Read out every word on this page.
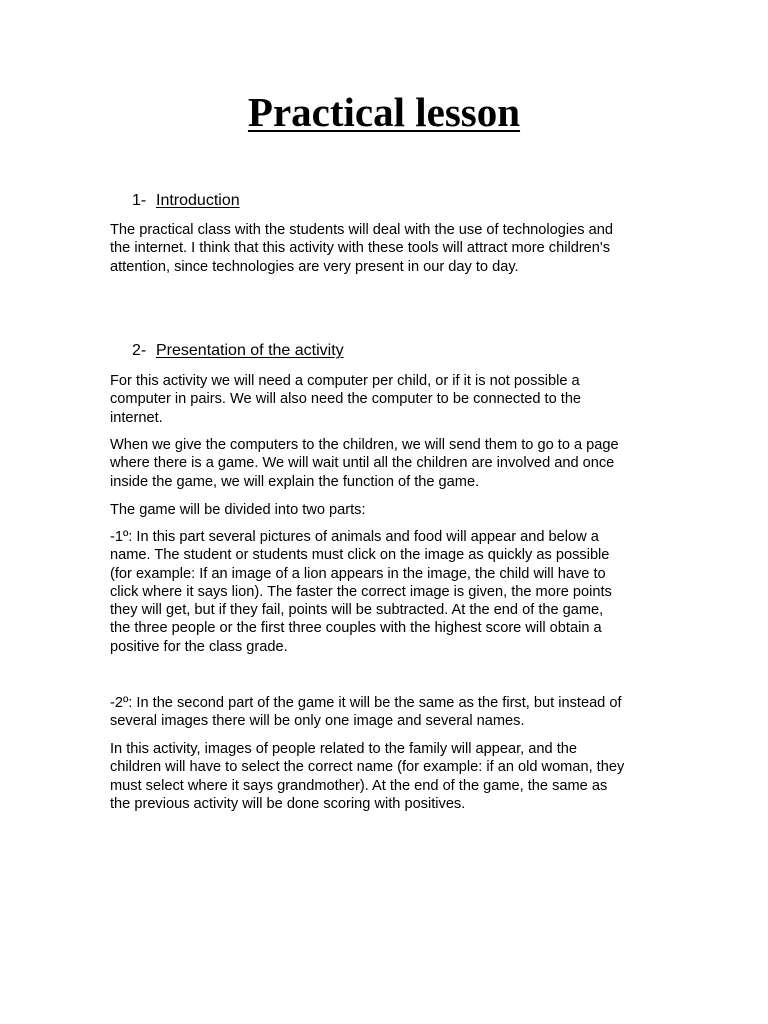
Practical lesson
1- Introduction

The practical class with the students will deal with the use of technologies and
the internet. I think that this activity with these tools will attract more children's
attention, since technologies are very present in our day to day.

2- Presentation of the activity

For this activity we will need a computer per child, or if it is not possible a
computer in pairs. We will also need the computer to be connected to the
internet.

When we give the computers to the children, we will send them to go to a page
where there is a game. We will wait until all the children are involved and once
inside the game, we will explain the function of the game.

The game will be divided into two parts:

-1º: In this part several pictures of animals and food will appear and below a
name. The student or students must click on the image as quickly as possible
(for example: If an image of a lion appears in the image, the child will have to
click where it says lion). The faster the correct image is given, the more points
they will get, but if they fail, points will be subtracted. At the end of the game,
the three people or the first three couples with the highest score will obtain a
positive for the class grade.

-2º: In the second part of the game it will be the same as the first, but instead of
several images there will be only one image and several names.

In this activity, images of people related to the family will appear, and the
children will have to select the correct name (for example: if an old woman, they
must select where it says grandmother). At the end of the game, the same as
the previous activity will be done scoring with positives.
